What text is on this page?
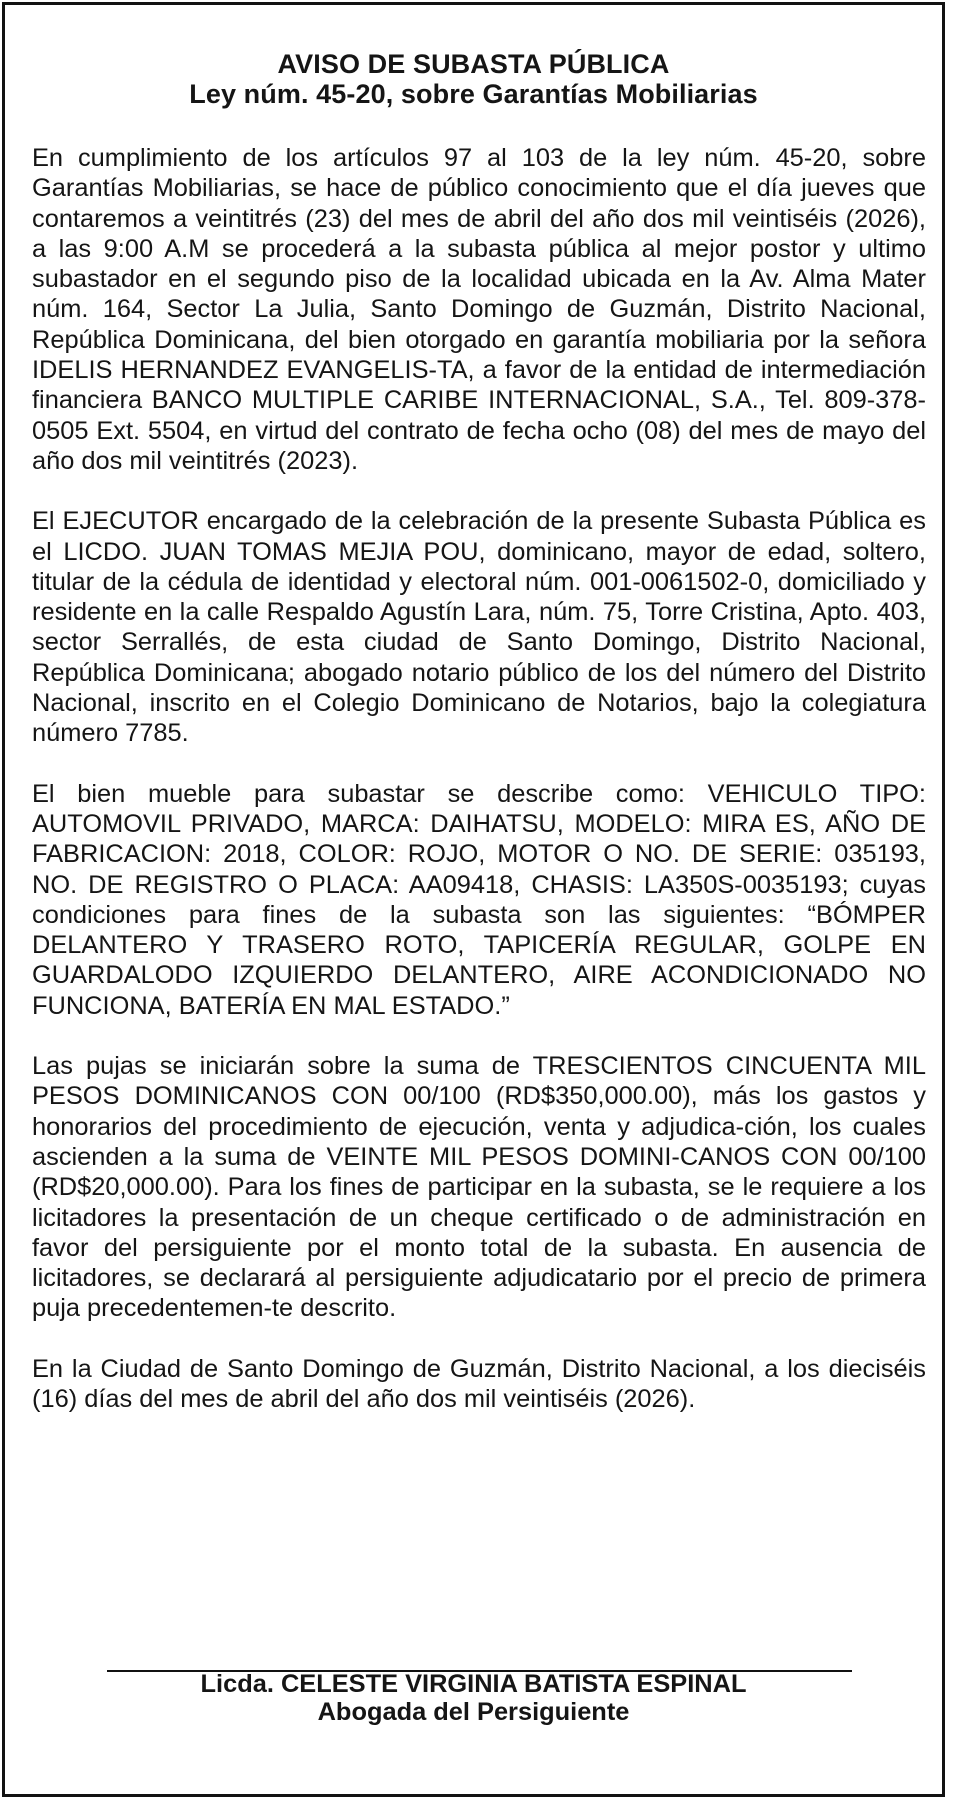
AVISO DE SUBASTA PÚBLICA

Ley núm. 45-20, sobre Garantías Mobiliarias

En cumplimiento de los artículos 97 al 103 de la ley núm. 45-20, sobre Garantías Mobiliarias, se hace de público conocimiento que el día jueves que contaremos a veintitrés (23) del mes de abril del año dos mil veintiséis (2026), a las 9:00 A.M se procederá a la subasta pública al mejor postor y ultimo subastador en el segundo piso de la localidad ubicada en la Av. Alma Mater núm. 164, Sector La Julia, Santo Domingo de Guzmán, Distrito Nacional, República Dominicana, del bien otorgado en garantía mobiliaria por la señora IDELIS HERNANDEZ EVANGELIS-TA, a favor de la entidad de intermediación financiera BANCO MULTIPLE CARIBE INTERNACIONAL, S.A., Tel. 809-378-0505 Ext. 5504, en virtud del contrato de fecha ocho (08) del mes de mayo del año dos mil veintitrés (2023).

El EJECUTOR encargado de la celebración de la presente Subasta Pública es el LICDO. JUAN TOMAS MEJIA POU, dominicano, mayor de edad, soltero, titular de la cédula de identidad y electoral núm. 001-0061502-0, domiciliado y residente en la calle Respaldo Agustín Lara, núm. 75, Torre Cristina, Apto. 403, sector Serrallés, de esta ciudad de Santo Domingo, Distrito Nacional, República Dominicana; abogado notario público de los del número del Distrito Nacional, inscrito en el Colegio Dominicano de Notarios, bajo la colegiatura número 7785.

El bien mueble para subastar se describe como: VEHICULO TIPO: AUTOMOVIL PRIVADO, MARCA: DAIHATSU, MODELO: MIRA ES, AÑO DE FABRICACION: 2018, COLOR: ROJO, MOTOR O NO. DE SERIE: 035193, NO. DE REGISTRO O PLACA: AA09418, CHASIS: LA350S-0035193; cuyas condiciones para fines de la subasta son las siguientes: “BÓMPER DELANTERO Y TRASERO ROTO, TAPICERÍA REGULAR, GOLPE EN GUARDALODO IZQUIERDO DELANTERO, AIRE ACONDICIONADO NO FUNCIONA, BATERÍA EN MAL ESTADO.”

Las pujas se iniciarán sobre la suma de TRESCIENTOS CINCUENTA MIL PESOS DOMINICANOS CON 00/100 (RD$350,000.00), más los gastos y honorarios del procedimiento de ejecución, venta y adjudica-ción, los cuales ascienden a la suma de VEINTE MIL PESOS DOMINI-CANOS CON 00/100 (RD$20,000.00). Para los fines de participar en la subasta, se le requiere a los licitadores la presentación de un cheque certificado o de administración en favor del persiguiente por el monto total de la subasta. En ausencia de licitadores, se declarará al persiguiente adjudicatario por el precio de primera puja precedentemen-te descrito.

En la Ciudad de Santo Domingo de Guzmán, Distrito Nacional, a los dieciséis (16) días del mes de abril del año dos mil veintiséis (2026).

Licda. CELESTE VIRGINIA BATISTA ESPINAL

Abogada del Persiguiente
